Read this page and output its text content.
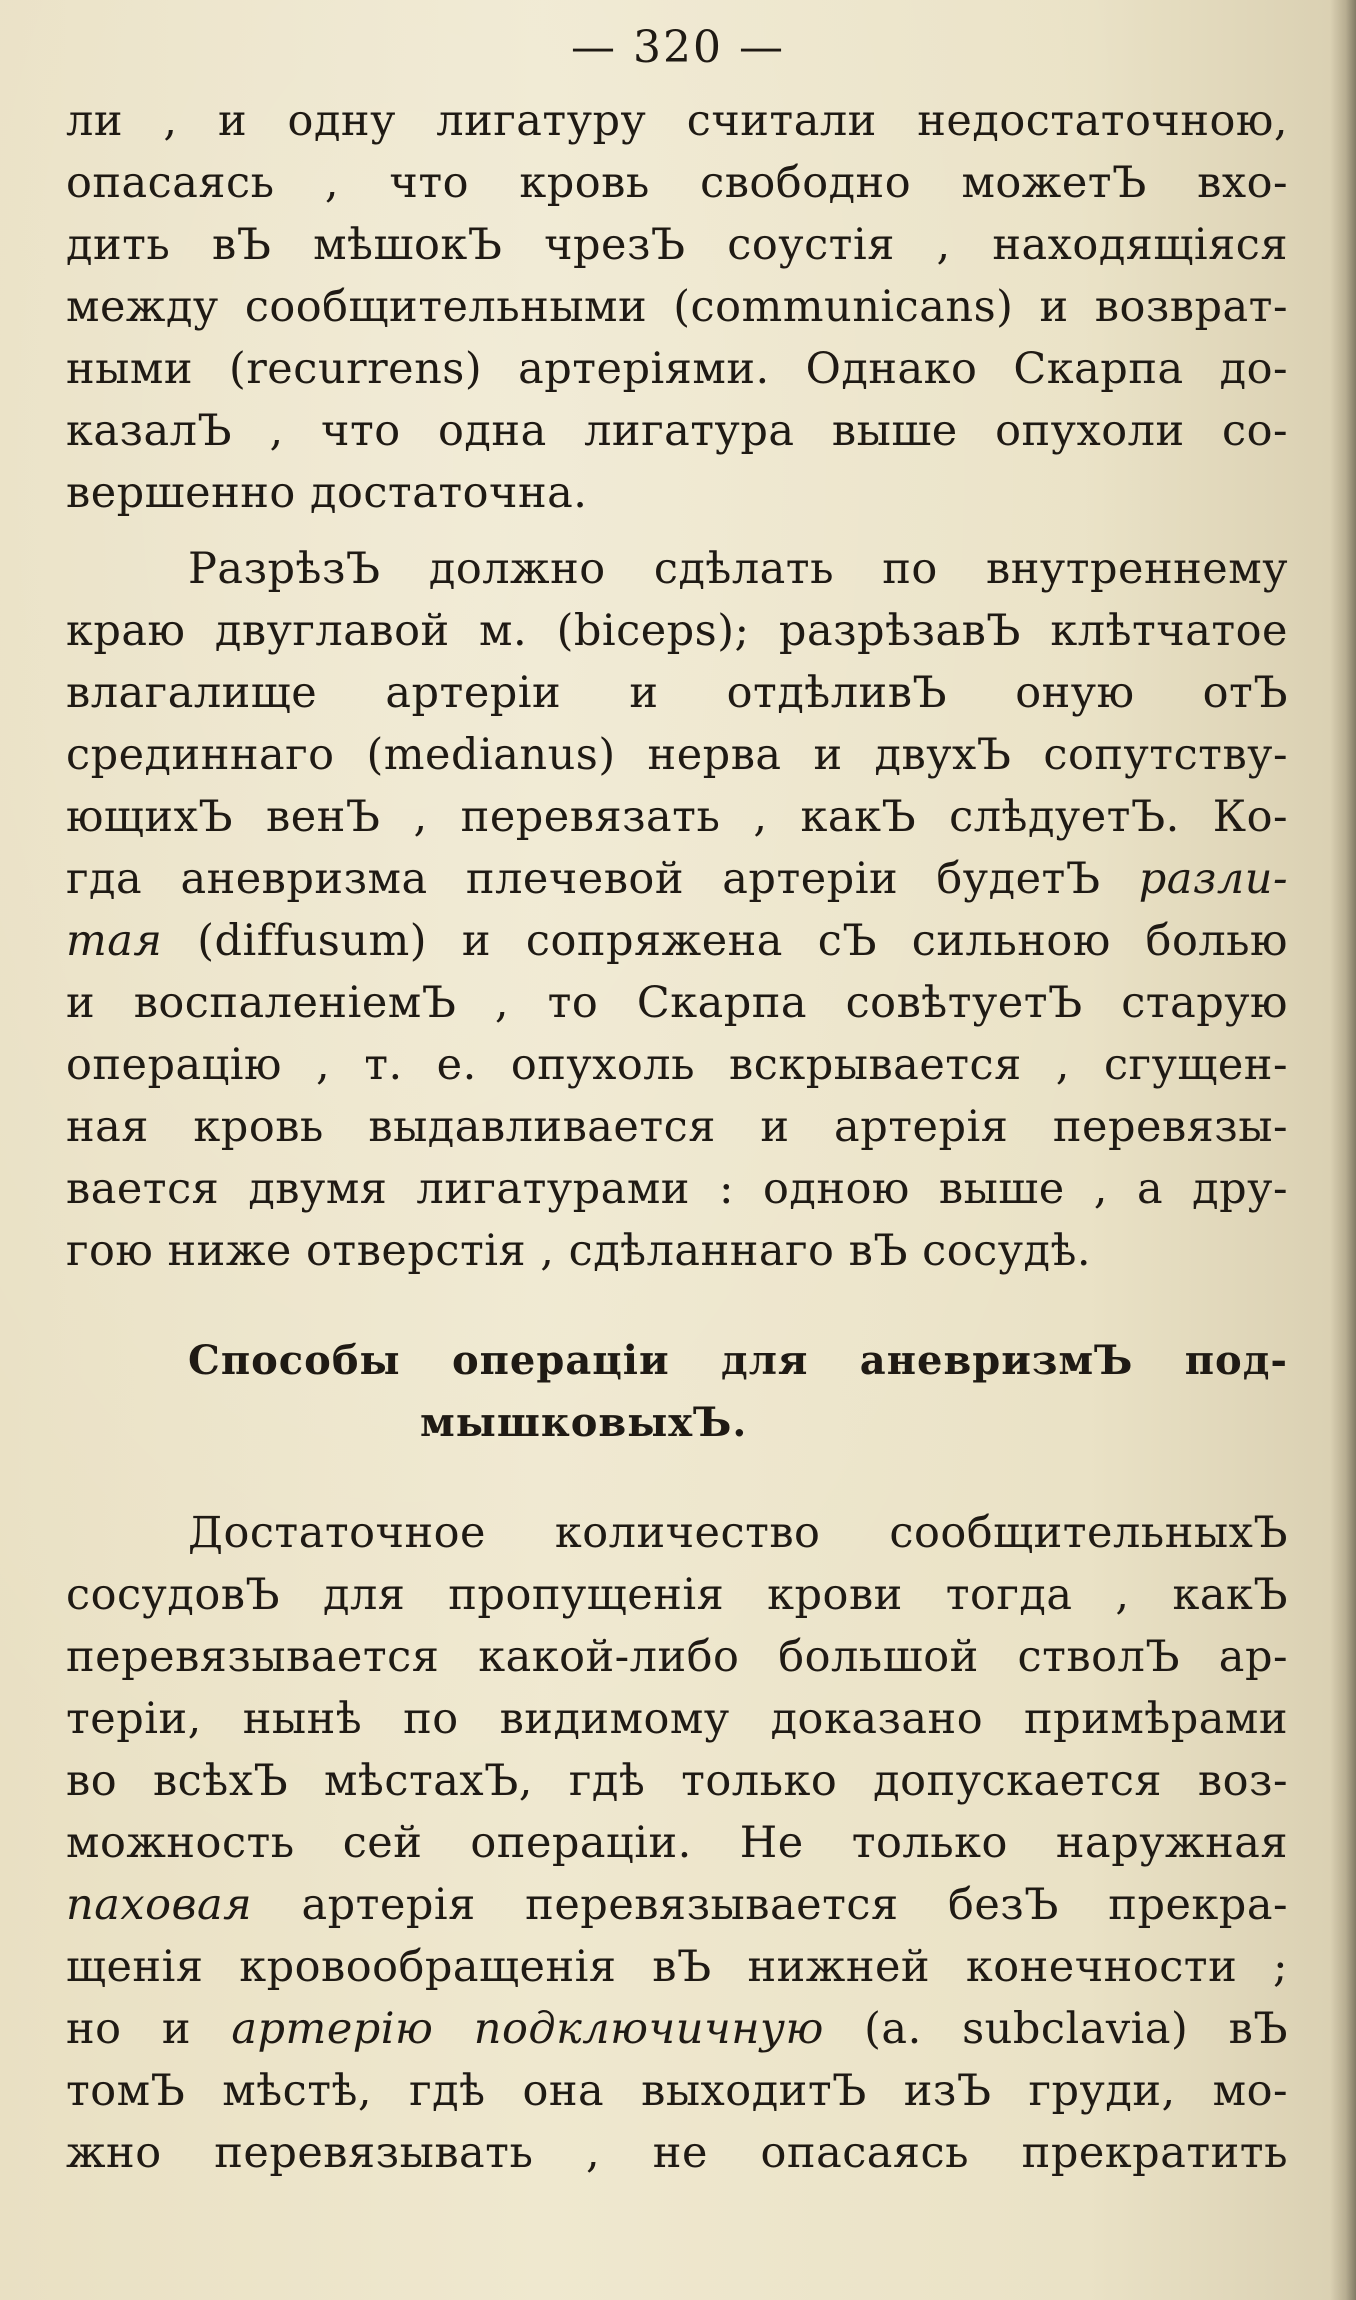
— 320 —
ли , и одну лигатуру считали недостаточною,
опасаясь , что кровь свободно можетЪ вхо-
дить вЪ мѣшокЪ чрезЪ соустія , находящіяся
между сообщительными (communicans) и возврат-
ными (recurrens) артеріями. Однако Скарпа до-
казалЪ , что одна лигатура выше опухоли со-
вершенно достаточна.
РазрѣзЪ должно сдѣлать по внутреннему
краю двуглавой м. (biceps); разрѣзавЪ клѣтчатое
влагалище артеріи и отдѣливЪ оную отЪ
срединнаго (medianus) нерва и двухЪ сопутству-
ющихЪ венЪ , перевязать , какЪ слѣдуетЪ. Ко-
гда аневризма плечевой артеріи будетЪ разли-
тая (diffusum) и сопряжена сЪ сильною болью
и воспаленіемЪ , то Скарпа совѣтуетЪ старую
операцію , т. е. опухоль вскрывается , сгущен-
ная кровь выдавливается и артерія перевязы-
вается двумя лигатурами : одною выше , а дру-
гою ниже отверстія , сдѣланнаго вЪ сосудѣ.
Способы операціи для аневризмЪ под-
мышковыхЪ.
Достаточное количество сообщительныхЪ
сосудовЪ для пропущенія крови тогда , какЪ
перевязывается какой-либо большой стволЪ ар-
теріи, нынѣ по видимому доказано примѣрами
во всѣхЪ мѣстахЪ, гдѣ только допускается воз-
можность сей операціи. Не только наружная
паховая артерія перевязывается безЪ прекра-
щенія кровообращенія вЪ нижней конечности ;
но и артерію подключичную (a. subclavia) вЪ
томЪ мѣстѣ, гдѣ она выходитЪ изЪ груди, мо-
жно перевязывать , не опасаясь прекратить
